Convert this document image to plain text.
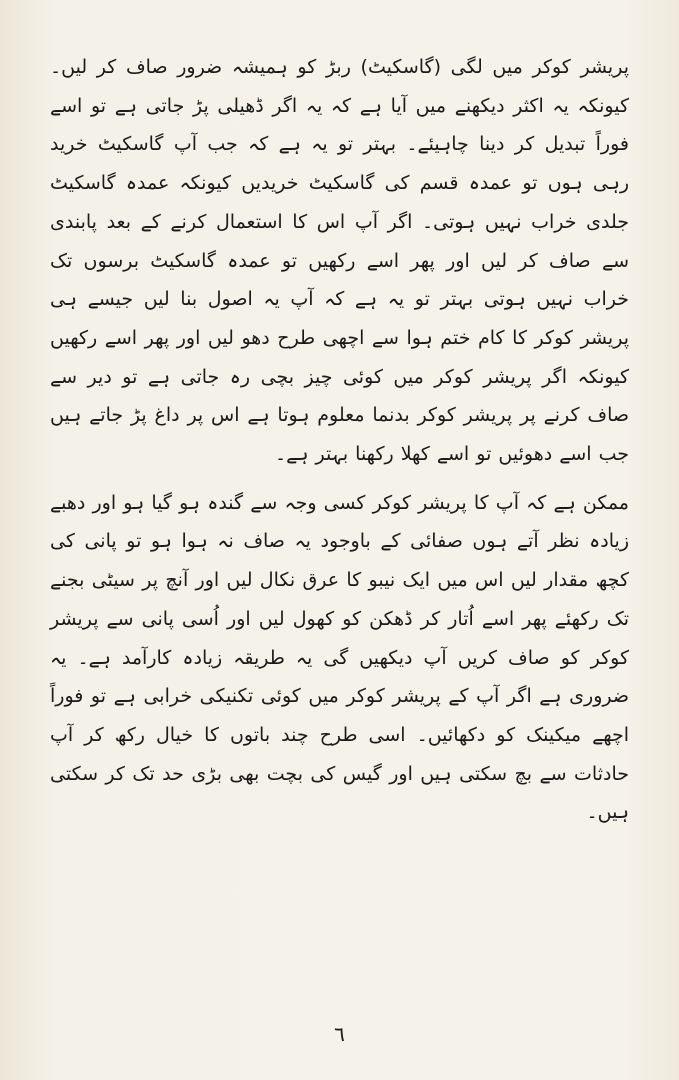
پریشر کوکر میں لگی (گاسکیٹ) ربڑ کو ہمیشہ ضرور صاف کر لیں۔ کیونکہ یہ اکثر دیکھنے میں آیا ہے کہ یہ اگر ڈھیلی پڑ جاتی ہے تو اسے فوراً تبدیل کر دینا چاہیئے۔ بہتر تو یہ ہے کہ جب آپ گاسکیٹ خرید رہی ہوں تو عمدہ قسم کی گاسکیٹ خریدیں کیونکہ عمدہ گاسکیٹ جلدی خراب نہیں ہوتی۔ اگر آپ اس کا استعمال کرنے کے بعد پابندی سے صاف کر لیں اور پھر اسے رکھیں تو عمدہ گاسکیٹ برسوں تک خراب نہیں ہوتی بہتر تو یہ ہے کہ آپ یہ اصول بنا لیں جیسے ہی پریشر کوکر کا کام ختم ہوا سے اچھی طرح دھو لیں اور پھر اسے رکھیں کیونکہ اگر پریشر کوکر میں کوئی چیز بچی رہ جاتی ہے تو دیر سے صاف کرنے پر پریشر کوکر بدنما معلوم ہوتا ہے اس پر داغ پڑ جاتے ہیں جب اسے دھوئیں تو اسے کھلا رکھنا بہتر ہے۔

ممکن ہے کہ آپ کا پریشر کوکر کسی وجہ سے گندہ ہو گیا ہو اور دھبے زیادہ نظر آتے ہوں صفائی کے باوجود یہ صاف نہ ہوا ہو تو پانی کی کچھ مقدار لیں اس میں ایک نیبو کا عرق نکال لیں اور آنچ پر سیٹی بجنے تک رکھئے پھر اسے اُتار کر ڈھکن کو کھول لیں اور اُسی پانی سے پریشر کوکر کو صاف کریں آپ دیکھیں گی یہ طریقہ زیادہ کارآمد ہے۔ یہ ضروری ہے اگر آپ کے پریشر کوکر میں کوئی تکنیکی خرابی ہے تو فوراً اچھے میکینک کو دکھائیں۔ اسی طرح چند باتوں کا خیال رکھ کر آپ حادثات سے بچ سکتی ہیں اور گیس کی بچت بھی بڑی حد تک کر سکتی ہیں۔

٦
